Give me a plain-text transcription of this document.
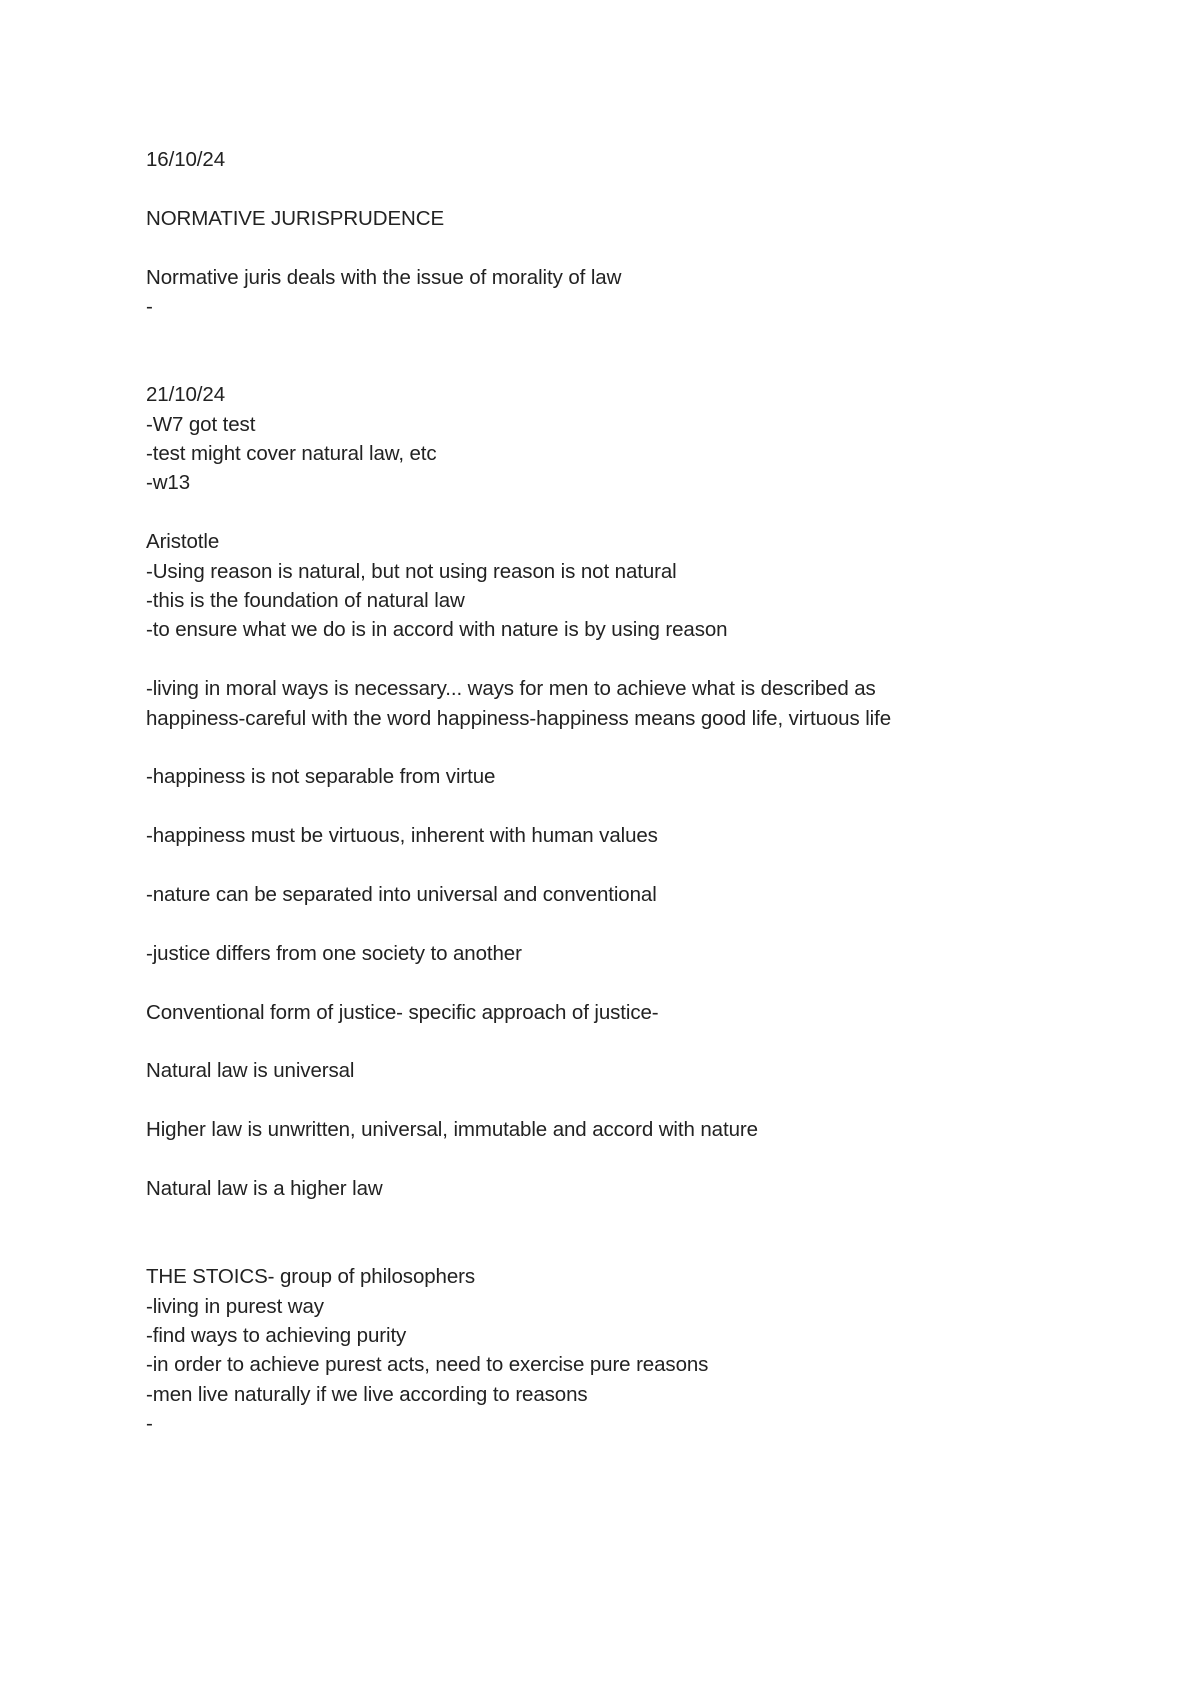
16/10/24

NORMATIVE JURISPRUDENCE

Normative juris deals with the issue of morality of law

-

21/10/24

-W7 got test

-test might cover natural law, etc

-w13

Aristotle

-Using reason is natural, but not using reason is not natural

-this is the foundation of natural law

-to ensure what we do is in accord with nature is by using reason

-living in moral ways is necessary... ways for men to achieve what is described as

happiness-careful with the word happiness-happiness means good life, virtuous life

-happiness is not separable from virtue

-happiness must be virtuous, inherent with human values

-nature can be separated into universal and conventional

-justice differs from one society to another

Conventional form of justice- specific approach of justice-

Natural law is universal

Higher law is unwritten, universal, immutable and accord with nature

Natural law is a higher law

THE STOICS- group of philosophers

-living in purest way

-find ways to achieving purity

-in order to achieve purest acts, need to exercise pure reasons

-men live naturally if we live according to reasons

-
